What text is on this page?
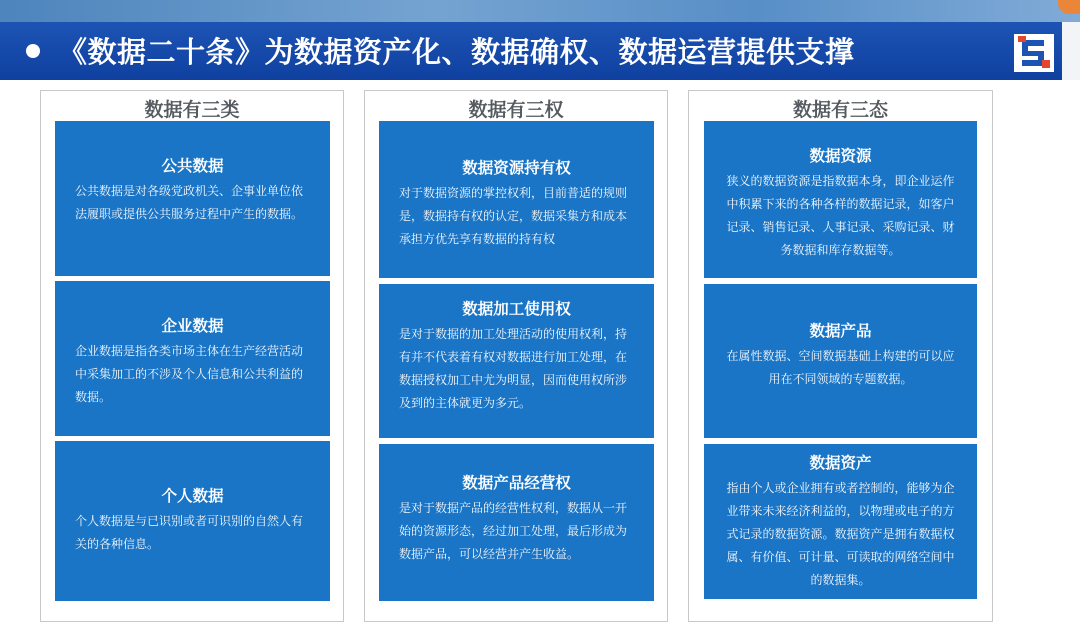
《数据二十条》为数据资产化、数据确权、数据运营提供支撑
数据有三类
公共数据
公共数据是对各级党政机关、企事业单位依法履职或提供公共服务过程中产生的数据。
企业数据
企业数据是指各类市场主体在生产经营活动中采集加工的不涉及个人信息和公共利益的数据。
个人数据
个人数据是与已识别或者可识别的自然人有关的各种信息。
数据有三权
数据资源持有权
对于数据资源的掌控权利，目前普适的规则是，数据持有权的认定，数据采集方和成本承担方优先享有数据的持有权
数据加工使用权
是对于数据的加工处理活动的使用权利，持有并不代表着有权对数据进行加工处理，在数据授权加工中尤为明显，因而使用权所涉及到的主体就更为多元。
数据产品经营权
是对于数据产品的经营性权利，数据从一开始的资源形态，经过加工处理，最后形成为数据产品，可以经营并产生收益。
数据有三态
数据资源
狭义的数据资源是指数据本身，即企业运作中积累下来的各种各样的数据记录，如客户记录、销售记录、人事记录、采购记录、财务数据和库存数据等。
数据产品
在属性数据、空间数据基础上构建的可以应用在不同领域的专题数据。
数据资产
指由个人或企业拥有或者控制的，能够为企业带来未来经济利益的，以物理或电子的方式记录的数据资源。数据资产是拥有数据权属、有价值、可计量、可读取的网络空间中的数据集。
